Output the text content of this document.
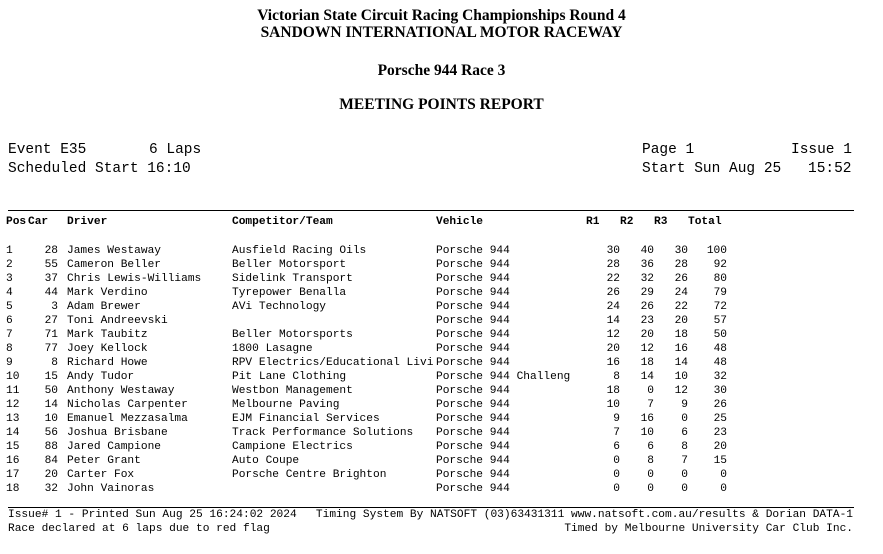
Victorian State Circuit Racing Championships Round 4
SANDOWN INTERNATIONAL MOTOR RACEWAY
Porsche 944 Race 3
MEETING POINTS REPORT
Event E35	6 Laps
Scheduled Start 16:10
Page 1	Issue 1
Start Sun Aug 25 15:52
Pos	Car	Driver	Competitor/Team	Vehicle	R1	R2	R3	Total

1	28	James Westaway	Ausfield Racing Oils	Porsche 944	30	40	30	100
2	55	Cameron Beller	Beller Motorsport	Porsche 944	28	36	28	92
3	37	Chris Lewis-Williams	Sidelink Transport	Porsche 944	22	32	26	80
4	44	Mark Verdino	Tyrepower Benalla	Porsche 944	26	29	24	79
5	3	Adam Brewer	AVi Technology	Porsche 944	24	26	22	72
6	27	Toni Andreevski		Porsche 944	14	23	20	57
7	71	Mark Taubitz	Beller Motorsports	Porsche 944	12	20	18	50
8	77	Joey Kellock	1800 Lasagne	Porsche 944	20	12	16	48
9	8	Richard Howe	RPV Electrics/Educational Livi	Porsche 944	16	18	14	48
10	15	Andy Tudor	Pit Lane Clothing	Porsche 944 Challeng	8	14	10	32
11	50	Anthony Westaway	Westbon Management	Porsche 944	18	0	12	30
12	14	Nicholas Carpenter	Melbourne Paving	Porsche 944	10	7	9	26
13	10	Emanuel Mezzasalma	EJM Financial Services	Porsche 944	9	16	0	25
14	56	Joshua Brisbane	Track Performance Solutions	Porsche 944	7	10	6	23
15	88	Jared Campione	Campione Electrics	Porsche 944	6	6	8	20
16	84	Peter Grant	Auto Coupe	Porsche 944	0	8	7	15
17	20	Carter Fox	Porsche Centre Brighton	Porsche 944	0	0	0	0
18	32	John Vainoras		Porsche 944	0	0	0	0
Issue# 1 - Printed Sun Aug 25 16:24:02 2024 Timing System By NATSOFT (03)63431311 www.natsoft.com.au/results & Dorian DATA-1
Race declared at 6 laps due to red flag	Timed by Melbourne University Car Club Inc.
